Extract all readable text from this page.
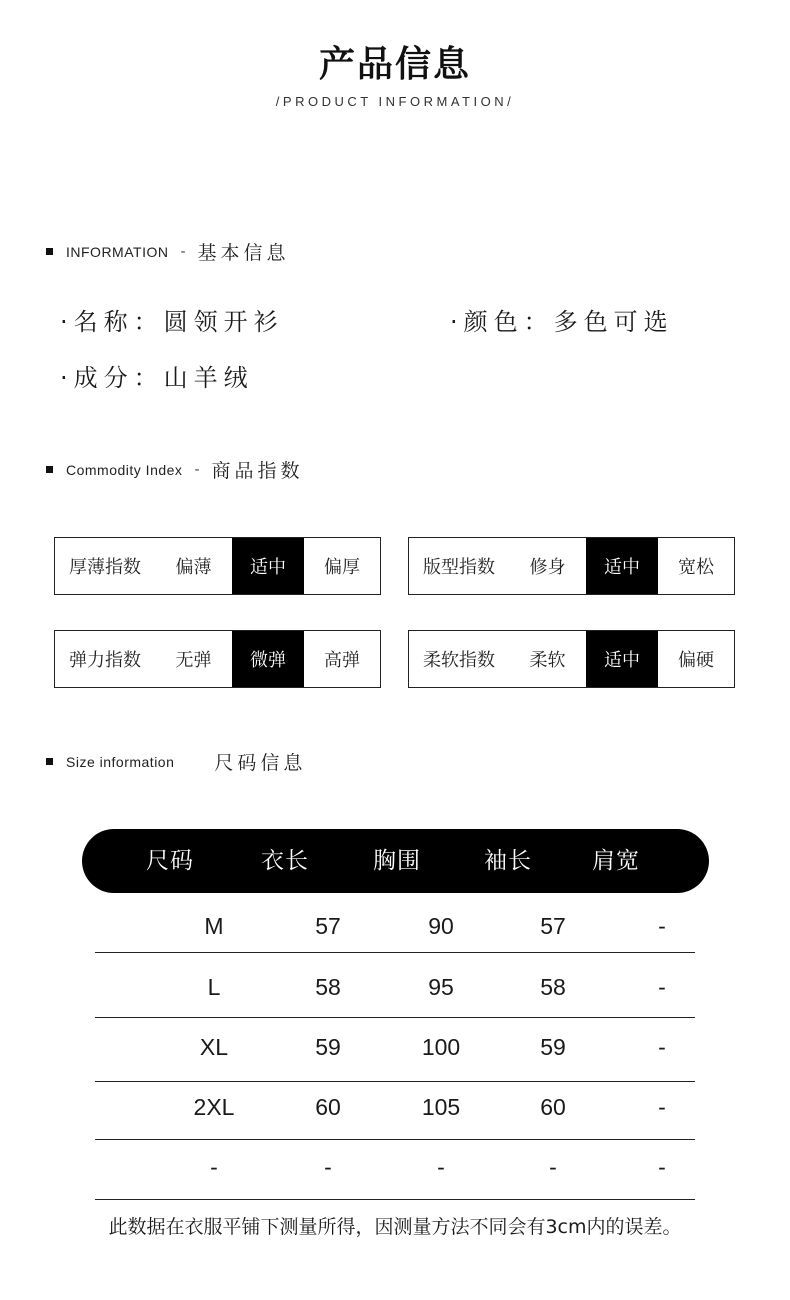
产品信息
/PRODUCT INFORMATION/
INFORMATION - 基本信息
·名称：圆领开衫	·颜色：多色可选
·成分：山羊绒
Commodity Index - 商品指数
厚薄指数	偏薄	适中	偏厚	版型指数	修身	适中	宽松
弹力指数	无弹	微弹	高弹	柔软指数	柔软	适中	偏硬
Size information 尺码信息
尺码	衣长	胸围	袖长	肩宽
M	57	90	57	-
L	58	95	58	-
XL	59	100	59	-
2XL	60	105	60	-
-	-	-	-	-
此数据在衣服平铺下测量所得，因测量方法不同会有3cm内的误差。
